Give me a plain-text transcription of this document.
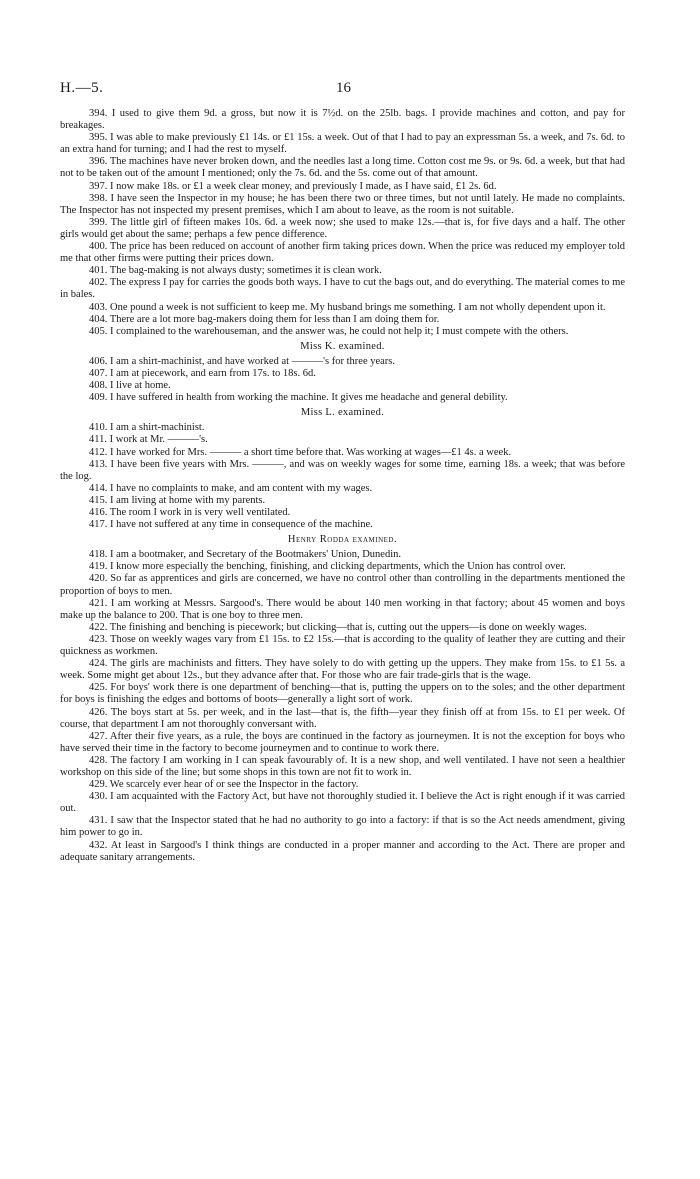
H.—5.	16

394. I used to give them 9d. a gross, but now it is 7½d. on the 25lb. bags. I provide machines and cotton, and pay for breakages.

395. I was able to make previously £1 14s. or £1 15s. a week. Out of that I had to pay an expressman 5s. a week, and 7s. 6d. to an extra hand for turning; and I had the rest to myself.

396. The machines have never broken down, and the needles last a long time. Cotton cost me 9s. or 9s. 6d. a week, but that had not to be taken out of the amount I mentioned; only the 7s. 6d. and the 5s. come out of that amount.

397. I now make 18s. or £1 a week clear money, and previously I made, as I have said, £1 2s. 6d.

398. I have seen the Inspector in my house; he has been there two or three times, but not until lately. He made no complaints. The Inspector has not inspected my present premises, which I am about to leave, as the room is not suitable.

399. The little girl of fifteen makes 10s. 6d. a week now; she used to make 12s.—that is, for five days and a half. The other girls would get about the same; perhaps a few pence difference.

400. The price has been reduced on account of another firm taking prices down. When the price was reduced my employer told me that other firms were putting their prices down.

401. The bag-making is not always dusty; sometimes it is clean work.

402. The express I pay for carries the goods both ways. I have to cut the bags out, and do everything. The material comes to me in bales.

403. One pound a week is not sufficient to keep me. My husband brings me something. I am not wholly dependent upon it.

404. There are a lot more bag-makers doing them for less than I am doing them for.

405. I complained to the warehouseman, and the answer was, he could not help it; I must compete with the others.

Miss K. examined.

406. I am a shirt-machinist, and have worked at ———'s for three years.

407. I am at piecework, and earn from 17s. to 18s. 6d.

408. I live at home.

409. I have suffered in health from working the machine. It gives me headache and general debility.

Miss L. examined.

410. I am a shirt-machinist.

411. I work at Mr. ———'s.

412. I have worked for Mrs. ——— a short time before that. Was working at wages—£1 4s. a week.

413. I have been five years with Mrs. ———, and was on weekly wages for some time, earning 18s. a week; that was before the log.

414. I have no complaints to make, and am content with my wages.

415. I am living at home with my parents.

416. The room I work in is very well ventilated.

417. I have not suffered at any time in consequence of the machine.

Henry Rodda examined.

418. I am a bootmaker, and Secretary of the Bootmakers' Union, Dunedin.

419. I know more especially the benching, finishing, and clicking departments, which the Union has control over.

420. So far as apprentices and girls are concerned, we have no control other than controlling in the departments mentioned the proportion of boys to men.

421. I am working at Messrs. Sargood's. There would be about 140 men working in that factory; about 45 women and boys make up the balance to 200. That is one boy to three men.

422. The finishing and benching is piecework; but clicking—that is, cutting out the uppers—is done on weekly wages.

423. Those on weekly wages vary from £1 15s. to £2 15s.—that is according to the quality of leather they are cutting and their quickness as workmen.

424. The girls are machinists and fitters. They have solely to do with getting up the uppers. They make from 15s. to £1 5s. a week. Some might get about 12s., but they advance after that. For those who are fair trade-girls that is the wage.

425. For boys' work there is one department of benching—that is, putting the uppers on to the soles; and the other department for boys is finishing the edges and bottoms of boots—generally a light sort of work.

426. The boys start at 5s. per week, and in the last—that is, the fifth—year they finish off at from 15s. to £1 per week. Of course, that department I am not thoroughly conversant with.

427. After their five years, as a rule, the boys are continued in the factory as journeymen. It is not the exception for boys who have served their time in the factory to become journeymen and to continue to work there.

428. The factory I am working in I can speak favourably of. It is a new shop, and well ventilated. I have not seen a healthier workshop on this side of the line; but some shops in this town are not fit to work in.

429. We scarcely ever hear of or see the Inspector in the factory.

430. I am acquainted with the Factory Act, but have not thoroughly studied it. I believe the Act is right enough if it was carried out.

431. I saw that the Inspector stated that he had no authority to go into a factory: if that is so the Act needs amendment, giving him power to go in.

432. At least in Sargood's I think things are conducted in a proper manner and according to the Act. There are proper and adequate sanitary arrangements.
